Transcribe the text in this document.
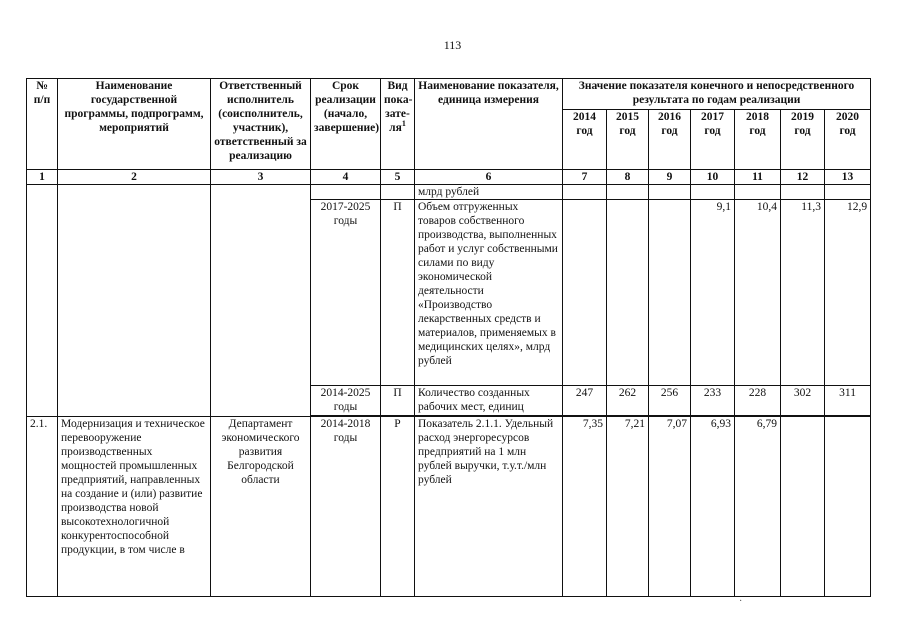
113
№ п/п	Наименование государственной программы, подпрограмм, мероприятий	Ответственный исполнитель (соисполнитель, участник), ответственный за реализацию	Срок реализации (начало, завершение)	Вид пока-$зате-ля^1$	Наименование показателя, единица измерения	Значение показателя конечного и непосредственного результата по годам реализации						
						2014 год	2015 год	2016 год	2017 год	2018 год	2019 год	2020 год
1	2	3	4	5	6	7	8	9	10	11	12	13
					млрд рублей							
			2017-2025 годы	П	Объем отгруженных товаров собственного производства, выполненных работ и услуг собственными силами по виду экономической деятельности «Производство лекарственных средств и материалов, применяемых в медицинских целях», млрд рублей				9,1	10,4	11,3	12,9
			2014-2025 годы	П	Количество созданных рабочих мест, единиц	247	262	256	233	228	302	311

2.1.	Модернизация и техническое перевооружение производственных мощностей промышленных предприятий, направленных на создание и (или) развитие производства новой высокотехнологичной конкурентоспособной продукции, в том числе в	Департамент экономического развития Белгородской области	2014-2018 годы	Р	Показатель 2.1.1. Удельный расход энергоресурсов предприятий на 1 млн рублей выручки, т.у.т./млн рублей	7,35	7,21	7,07	6,93	6,79		
·
